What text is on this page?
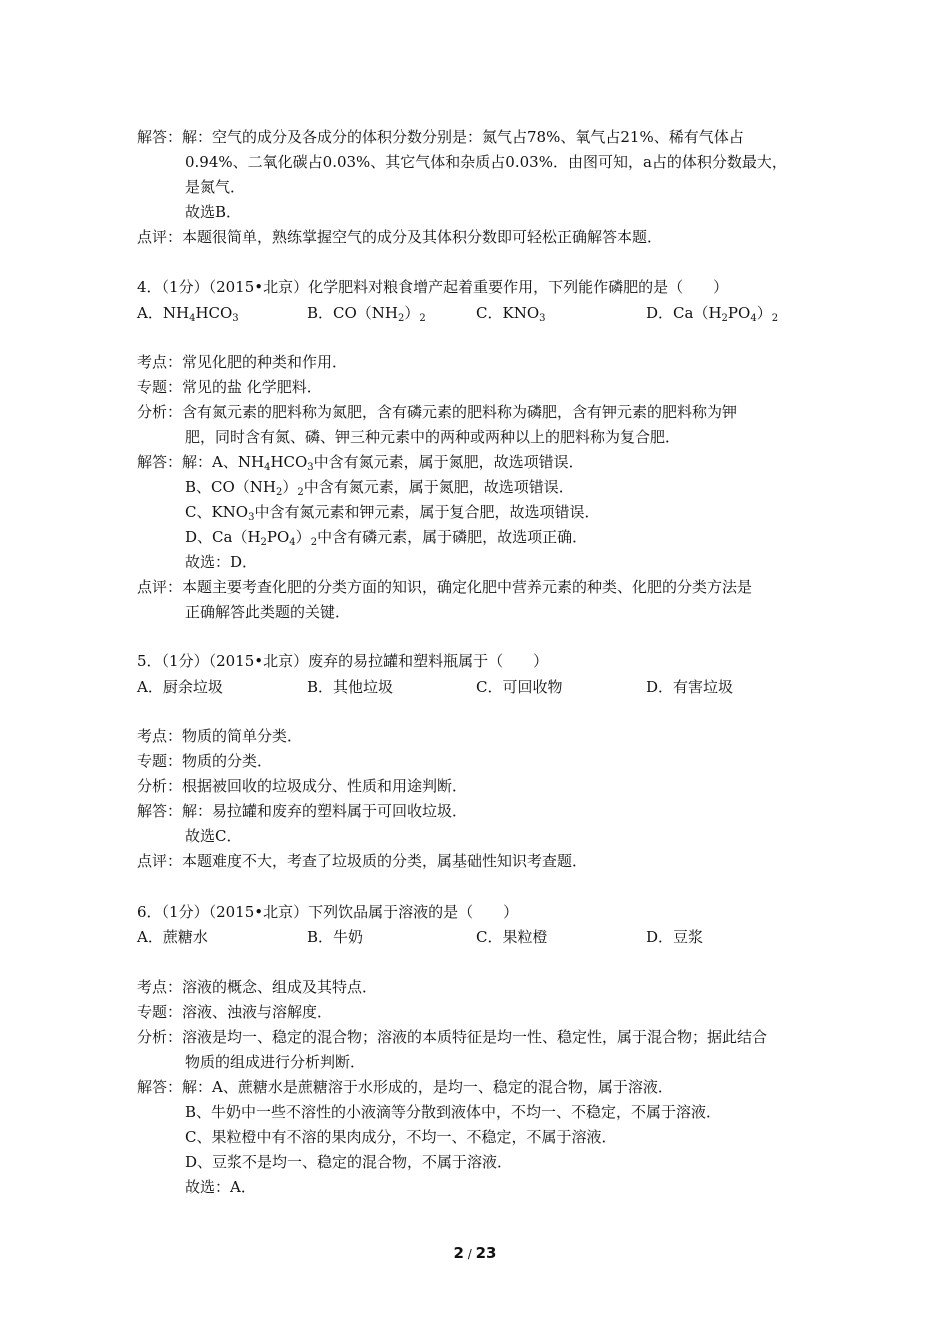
解答：解：空气的成分及各成分的体积分数分别是：氮气占78%、氧气占21%、稀有气体占
0.94%、二氧化碳占0.03%、其它气体和杂质占0.03%．由图可知，a占的体积分数最大，
是氮气．
故选B．
点评：本题很简单，熟练掌握空气的成分及其体积分数即可轻松正确解答本题．
4．（1分）（2015•北京）化学肥料对粮食增产起着重要作用，下列能作磷肥的是（　　）
A．$NH_4HCO_3$	B．$CO(NH_2)_2$	C．$KNO_3$	D．$Ca(H_2PO_4)_2$
考点：常见化肥的种类和作用．
专题：常见的盐 化学肥料．
分析：含有氮元素的肥料称为氮肥，含有磷元素的肥料称为磷肥，含有钾元素的肥料称为钾
肥，同时含有氮、磷、钾三种元素中的两种或两种以上的肥料称为复合肥．
解答：解：A、$NH_4HCO_3$中含有氮元素，属于氮肥，故选项错误．
B、$CO(NH_2)_2$中含有氮元素，属于氮肥，故选项错误．
C、$KNO_3$中含有氮元素和钾元素，属于复合肥，故选项错误．
D、$Ca(H_2PO_4)_2$中含有磷元素，属于磷肥，故选项正确．
故选：D．
点评：本题主要考查化肥的分类方面的知识，确定化肥中营养元素的种类、化肥的分类方法是
正确解答此类题的关键．
5．（1分）（2015•北京）废弃的易拉罐和塑料瓶属于（　　）
A．厨余垃圾	B．其他垃圾	C．可回收物	D．有害垃圾
考点：物质的简单分类．
专题：物质的分类．
分析：根据被回收的垃圾成分、性质和用途判断．
解答：解：易拉罐和废弃的塑料属于可回收垃圾．
故选C．
点评：本题难度不大，考查了垃圾质的分类，属基础性知识考查题．
6．（1分）（2015•北京）下列饮品属于溶液的是（　　）
A．蔗糖水	B．牛奶	C．果粒橙	D．豆浆
考点：溶液的概念、组成及其特点．
专题：溶液、浊液与溶解度．
分析：溶液是均一、稳定的混合物；溶液的本质特征是均一性、稳定性，属于混合物；据此结合
物质的组成进行分析判断．
解答：解：A、蔗糖水是蔗糖溶于水形成的，是均一、稳定的混合物，属于溶液．
B、牛奶中一些不溶性的小液滴等分散到液体中，不均一、不稳定，不属于溶液．
C、果粒橙中有不溶的果肉成分，不均一、不稳定，不属于溶液．
D、豆浆不是均一、稳定的混合物，不属于溶液．
故选：A．
2 / 23
